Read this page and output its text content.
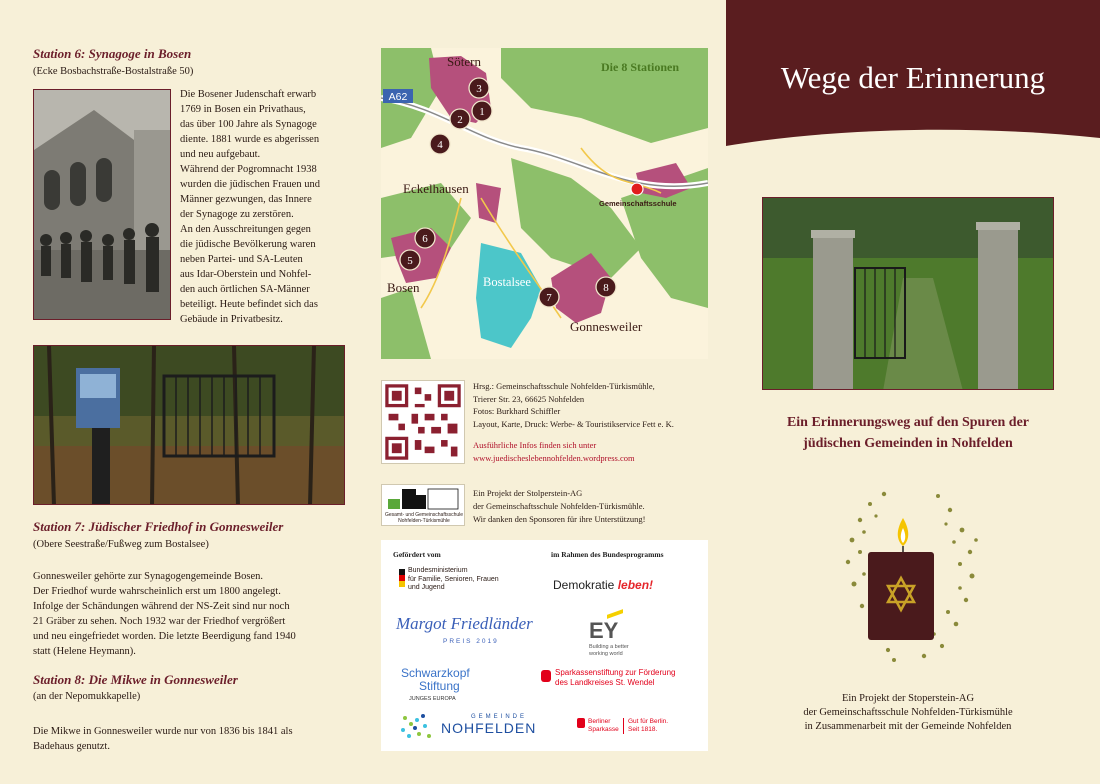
Station 6: Synagoge in Bosen
(Ecke Bosbachstraße-Bostalstraße 50)
Die Bosener Judenschaft erwarb
1769 in Bosen ein Privathaus,
das über 100 Jahre als Synagoge
diente. 1881 wurde es abgerissen
und neu aufgebaut.
Während der Pogromnacht 1938
wurden die jüdischen Frauen und
Männer gezwungen, das Innere
der Synagoge zu zerstören.
An den Ausschreitungen gegen
die jüdische Bevölkerung waren
neben Partei- und SA-Leuten
aus Idar-Oberstein und Nohfel-
den auch örtlichen SA-Männer
beteiligt. Heute befindet sich das
Gebäude in Privatbesitz.
Station 7: Jüdischer Friedhof in Gonnesweiler
(Obere Seestraße/Fußweg zum Bostalsee)
Gonnesweiler gehörte zur Synagogengemeinde Bosen.
Der Friedhof wurde wahrscheinlich erst um 1800 angelegt.
Infolge der Schändungen während der NS-Zeit sind nur noch
21 Gräber zu sehen. Noch 1932 war der Friedhof vergrößert
und neu eingefriedet worden. Die letzte Beerdigung fand 1940
statt (Helene Heymann).
Station 8: Die Mikwe in Gonnesweiler
(an der Nepomukkapelle)
Die Mikwe in Gonnesweiler wurde nur von 1836 bis 1841 als
Badehaus genutzt.
A62
Die 8 Stationen
Sötern
Eckelhausen
Bosen
Gonnesweiler
Bostalsee
Gemeinschaftsschule
1
2
3
4
5
6
7
8
Hrsg.: Gemeinschaftsschule Nohfelden-Türkismühle,
Trierer Str. 23, 66625 Nohfelden
Fotos: Burkhard Schiffler
Layout, Karte, Druck: Werbe- & Touristikservice Fett e. K.
Ausführliche Infos finden sich unter
www.juedischeslebennohfelden.wordpress.com
Gesamt- und Gemeinschaftsschule Nohfelden-Türkismühle
Ein Projekt der Stolperstein-AG
der Gemeinschaftsschule Nohfelden-Türkismühle.
Wir danken den Sponsoren für ihre Unterstützung!
Gefördert vom	im Rahmen des Bundesprogramms
Bundesministerium
für Familie, Senioren, Frauen
und Jugend	Demokratie leben!
Margot Friedländer
PREIS 2019	EY
Building a better
working world
Schwarzkopf
Stiftung
JUNGES EUROPA
Sparkassenstiftung zur Förderung
des Landkreises St. Wendel
GEMEINDE
NOHFELDEN	Berliner
Sparkasse
Gut für Berlin.
Seit 1818.
Wege der Erinnerung
Ein Erinnerungsweg auf den Spuren der
jüdischen Gemeinden in Nohfelden
Ein Projekt der Stoperstein-AG
der Gemeinschaftsschule Nohfelden-Türkismühle
in Zusammenarbeit mit der Gemeinde Nohfelden
